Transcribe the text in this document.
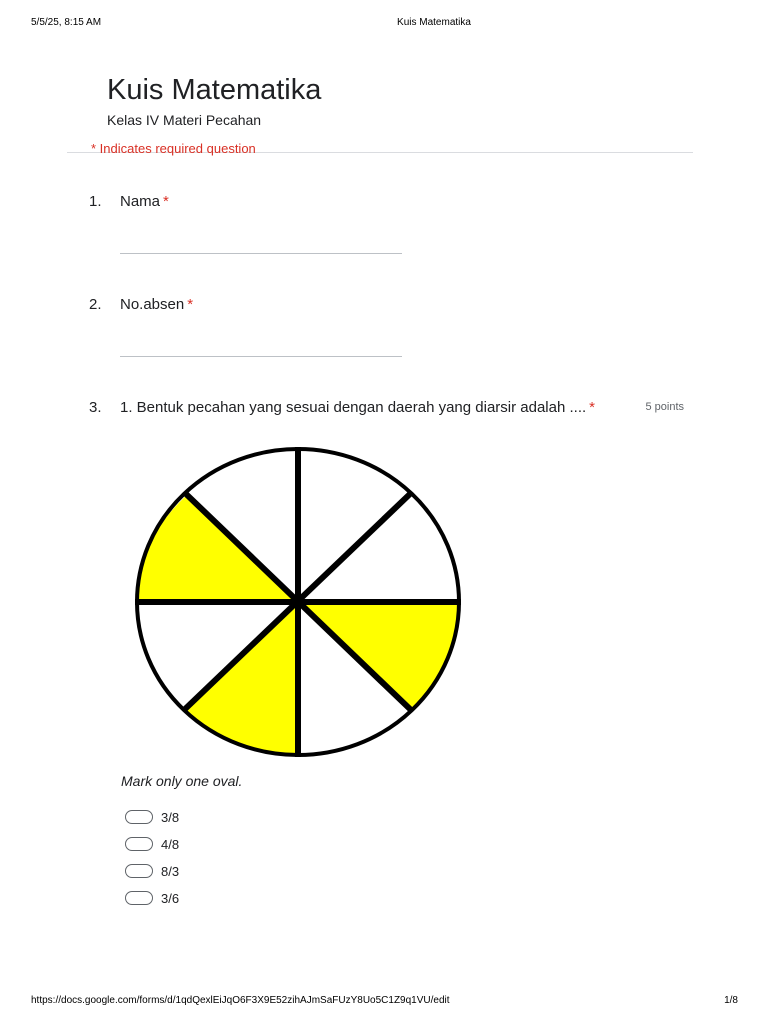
5/5/25, 8:15 AM	Kuis Matematika
Kuis Matematika
Kelas IV Materi Pecahan
* Indicates required question
1. Nama *
2. No.absen *
3. 1. Bentuk pecahan yang sesuai dengan daerah yang diarsir adalah .... *	5 points
Mark only one oval.
3/8
4/8
8/3
3/6
https://docs.google.com/forms/d/1qdQexlEiJqO6F3X9E52zihAJmSaFUzY8Uo5C1Z9q1VU/edit	1/8
